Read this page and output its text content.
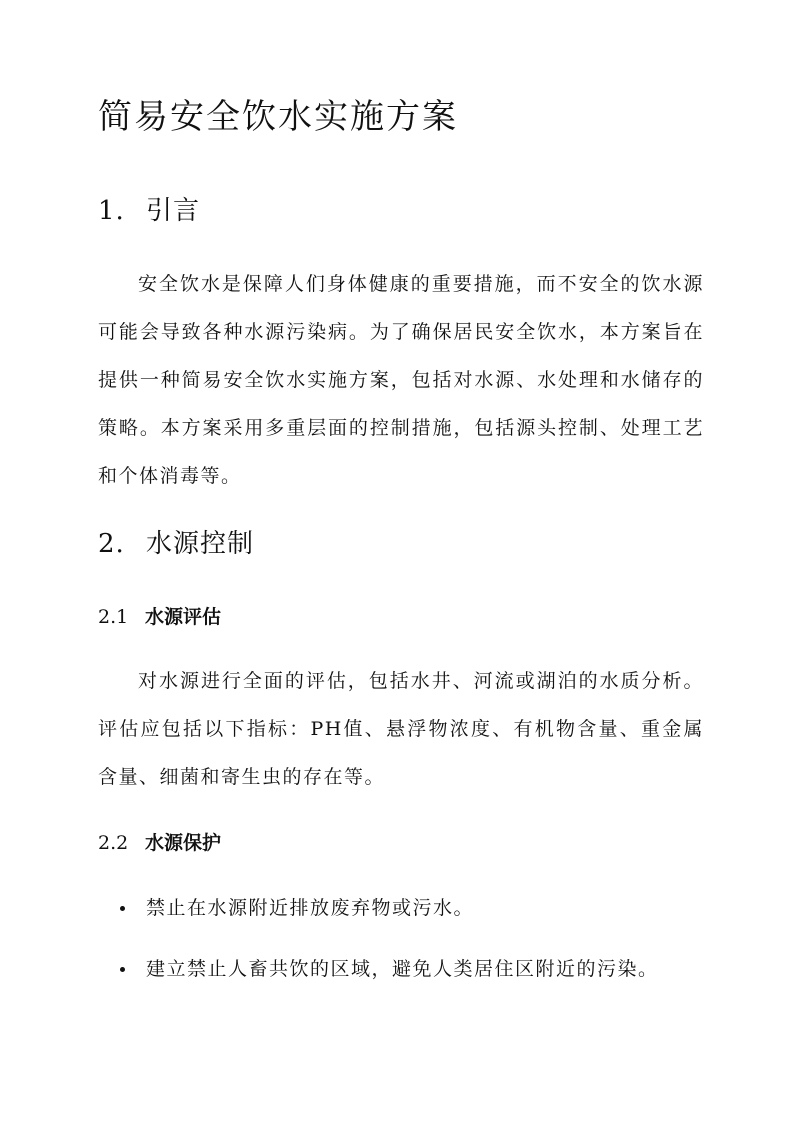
简易安全饮水实施方案
1. 引言
安全饮水是保障人们身体健康的重要措施，而不安全的饮水源可能会导致各种水源污染病。为了确保居民安全饮水，本方案旨在提供一种简易安全饮水实施方案，包括对水源、水处理和水储存的策略。本方案采用多重层面的控制措施，包括源头控制、处理工艺和个体消毒等。
2. 水源控制
2.1 水源评估
对水源进行全面的评估，包括水井、河流或湖泊的水质分析。评估应包括以下指标：PH值、悬浮物浓度、有机物含量、重金属含量、细菌和寄生虫的存在等。
2.2 水源保护
禁止在水源附近排放废弃物或污水。
建立禁止人畜共饮的区域，避免人类居住区附近的污染。
